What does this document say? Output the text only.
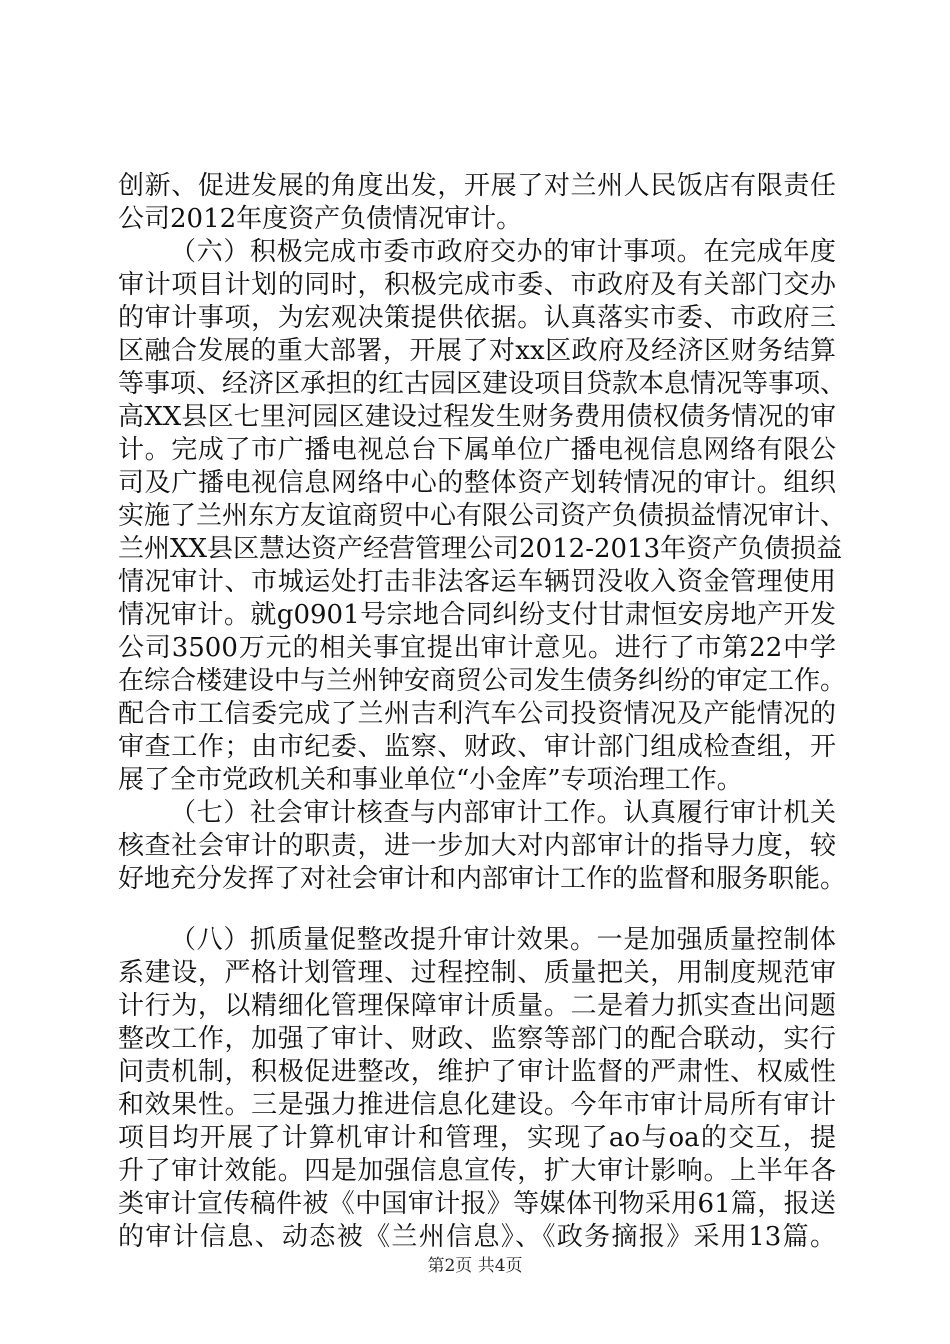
创新、促进发展的角度出发，开展了对兰州人民饭店有限责任
公司2012年度资产负债情况审计。
（六）积极完成市委市政府交办的审计事项。在完成年度
审计项目计划的同时，积极完成市委、市政府及有关部门交办
的审计事项，为宏观决策提供依据。认真落实市委、市政府三
区融合发展的重大部署，开展了对xx区政府及经济区财务结算
等事项、经济区承担的红古园区建设项目贷款本息情况等事项、
高XX县区七里河园区建设过程发生财务费用债权债务情况的审
计。完成了市广播电视总台下属单位广播电视信息网络有限公
司及广播电视信息网络中心的整体资产划转情况的审计。组织
实施了兰州东方友谊商贸中心有限公司资产负债损益情况审计、
兰州XX县区慧达资产经营管理公司2012-2013年资产负债损益
情况审计、市城运处打击非法客运车辆罚没收入资金管理使用
情况审计。就g0901号宗地合同纠纷支付甘肃恒安房地产开发
公司3500万元的相关事宜提出审计意见。进行了市第22中学
在综合楼建设中与兰州钟安商贸公司发生债务纠纷的审定工作。
配合市工信委完成了兰州吉利汽车公司投资情况及产能情况的
审查工作；由市纪委、监察、财政、审计部门组成检查组，开
展了全市党政机关和事业单位“小金库”专项治理工作。
（七）社会审计核查与内部审计工作。认真履行审计机关
核查社会审计的职责，进一步加大对内部审计的指导力度，较
好地充分发挥了对社会审计和内部审计工作的监督和服务职能。
（八）抓质量促整改提升审计效果。一是加强质量控制体
系建设，严格计划管理、过程控制、质量把关，用制度规范审
计行为，以精细化管理保障审计质量。二是着力抓实查出问题
整改工作，加强了审计、财政、监察等部门的配合联动，实行
问责机制，积极促进整改，维护了审计监督的严肃性、权威性
和效果性。三是强力推进信息化建设。今年市审计局所有审计
项目均开展了计算机审计和管理，实现了ao与oa的交互，提
升了审计效能。四是加强信息宣传，扩大审计影响。上半年各
类审计宣传稿件被《中国审计报》等媒体刊物采用61篇，报送
的审计信息、动态被《兰州信息》、《政务摘报》采用13篇。
第2页 共4页
